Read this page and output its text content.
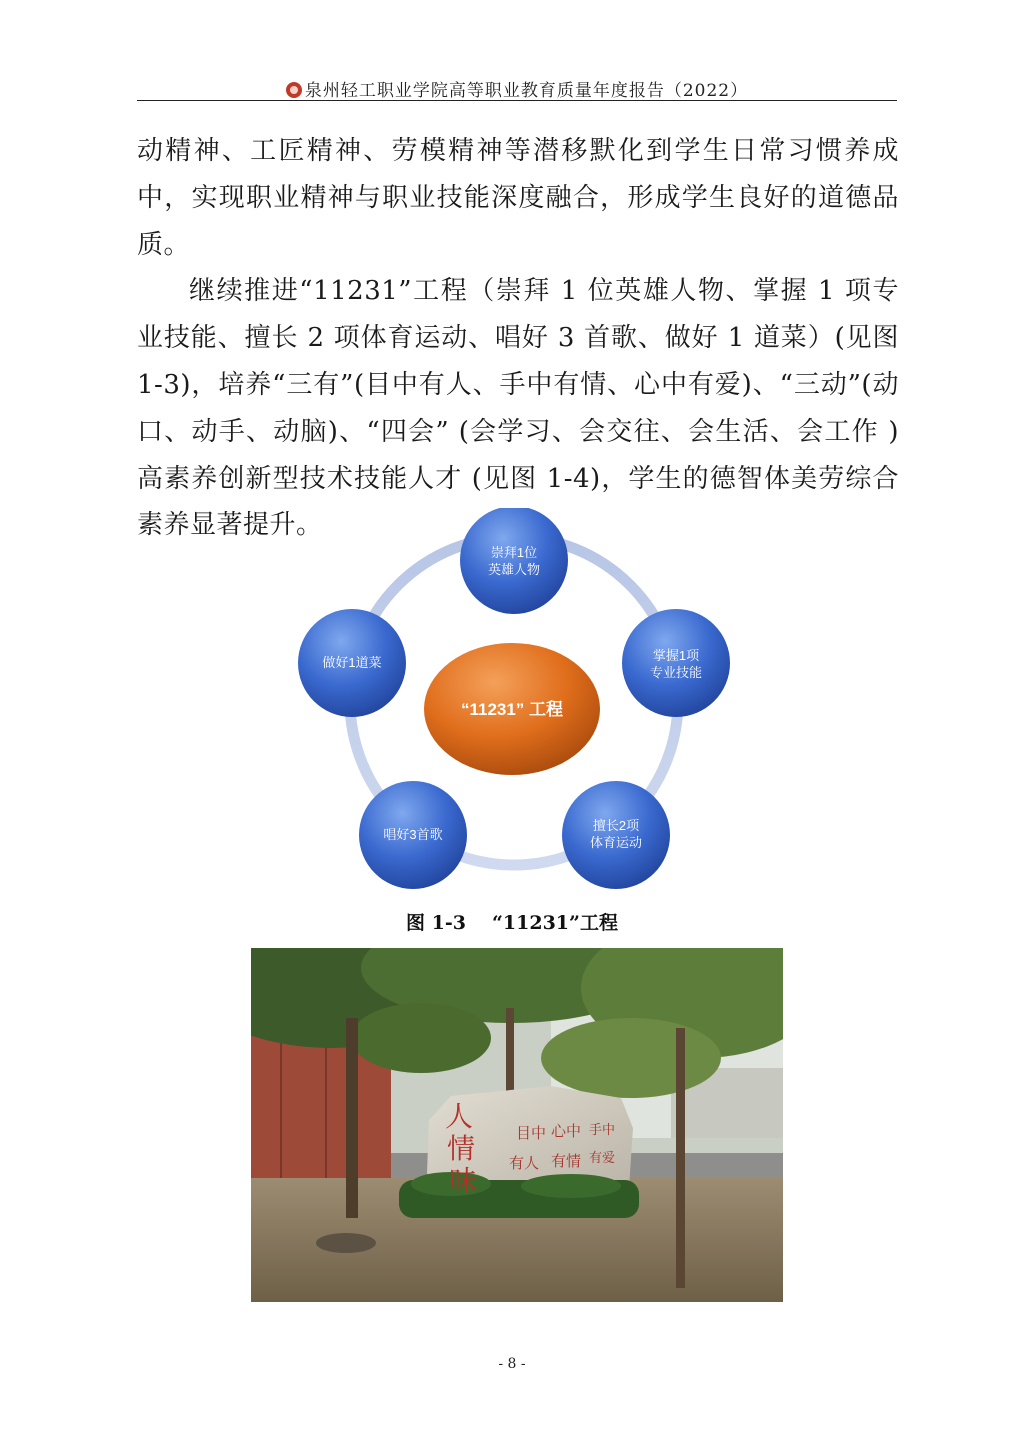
泉州轻工职业学院高等职业教育质量年度报告（2022）

动精神、工匠精神、劳模精神等潜移默化到学生日常习惯养成中，实现职业精神与职业技能深度融合，形成学生良好的道德品质。

继续推进“11231”工程（崇拜 1 位英雄人物、掌握 1 项专业技能、擅长 2 项体育运动、唱好 3 首歌、做好 1 道菜）(见图 1-3)，培养“三有”(目中有人、手中有情、心中有爱)、“三动”(动口、动手、动脑)、“四会” (会学习、会交往、会生活、会工作 )高素养创新型技术技能人才 (见图 1-4)，学生的德智体美劳综合素养显著提升。

“11231” 工程
崇拜1位
英雄人物
掌握1项
专业技能
擅长2项
体育运动
唱好3首歌
做好1道菜
图 1-3 “11231”工程
人
情
味
目中
有人
心中
有情
手中
有爱
- 8 -
